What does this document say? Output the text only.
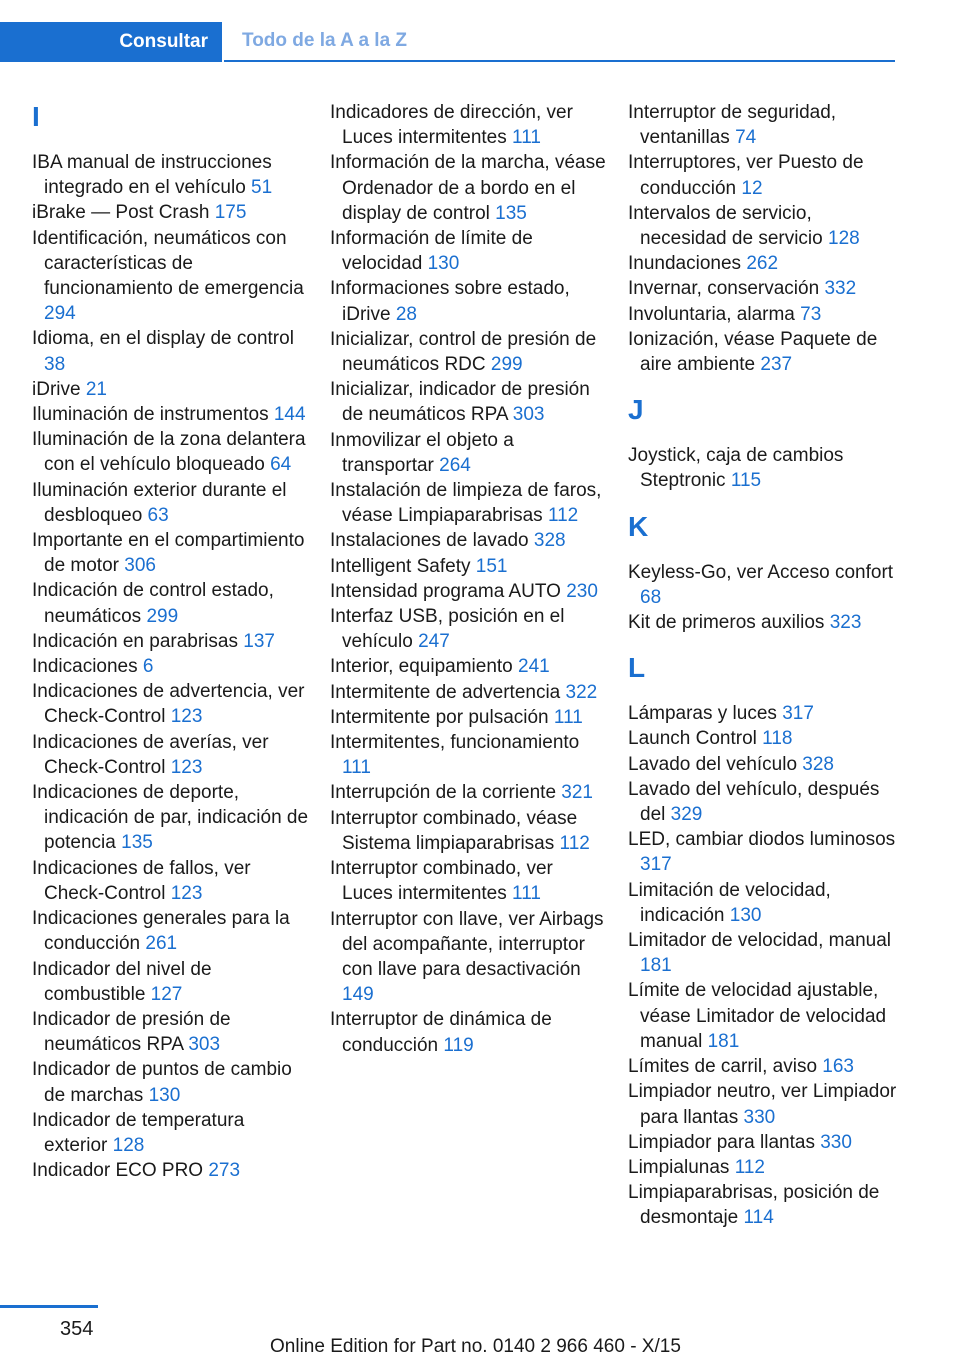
Consultar	Todo de la A a la Z
I
IBA manual de instrucciones integrado en el vehículo 51
iBrake — Post Crash 175
Identificación, neumáticos con características de funcionamiento de emergencia 294
Idioma, en el display de control 38
iDrive 21
Iluminación de instrumentos 144
Iluminación de la zona delantera con el vehículo bloqueado 64
Iluminación exterior durante el desbloqueo 63
Importante en el compartimiento de motor 306
Indicación de control estado, neumáticos 299
Indicación en parabrisas 137
Indicaciones 6
Indicaciones de advertencia, ver Check-Control 123
Indicaciones de averías, ver Check-Control 123
Indicaciones de deporte, indicación de par, indicación de potencia 135
Indicaciones de fallos, ver Check-Control 123
Indicaciones generales para la conducción 261
Indicador del nivel de combustible 127
Indicador de presión de neumáticos RPA 303
Indicador de puntos de cambio de marchas 130
Indicador de temperatura exterior 128
Indicador ECO PRO 273
Indicadores de dirección, ver Luces intermitentes 111
Información de la marcha, véase Ordenador de a bordo en el display de control 135
Información de límite de velocidad 130
Informaciones sobre estado, iDrive 28
Inicializar, control de presión de neumáticos RDC 299
Inicializar, indicador de presión de neumáticos RPA 303
Inmovilizar el objeto a transportar 264
Instalación de limpieza de faros, véase Limpiaparabrisas 112
Instalaciones de lavado 328
Intelligent Safety 151
Intensidad programa AUTO 230
Interfaz USB, posición en el vehículo 247
Interior, equipamiento 241
Intermitente de advertencia 322
Intermitente por pulsación 111
Intermitentes, funcionamiento 111
Interrupción de la corriente 321
Interruptor combinado, véase Sistema limpiaparabrisas 112
Interruptor combinado, ver Luces intermitentes 111
Interruptor con llave, ver Airbags del acompañante, interruptor con llave para desactivación 149
Interruptor de dinámica de conducción 119
Interruptor de seguridad, ventanillas 74
Interruptores, ver Puesto de conducción 12
Intervalos de servicio, necesidad de servicio 128
Inundaciones 262
Invernar, conservación 332
Involuntaria, alarma 73
Ionización, véase Paquete de aire ambiente 237
J
Joystick, caja de cambios Steptronic 115
K
Keyless-Go, ver Acceso confort 68
Kit de primeros auxilios 323
L
Lámparas y luces 317
Launch Control 118
Lavado del vehículo 328
Lavado del vehículo, después del 329
LED, cambiar diodos luminosos 317
Limitación de velocidad, indicación 130
Limitador de velocidad, manual 181
Límite de velocidad ajustable, véase Limitador de velocidad manual 181
Límites de carril, aviso 163
Limpiador neutro, ver Limpiador para llantas 330
Limpiador para llantas 330
Limpialunas 112
Limpiaparabrisas, posición de desmontaje 114
354
Online Edition for Part no. 0140 2 966 460 - X/15
